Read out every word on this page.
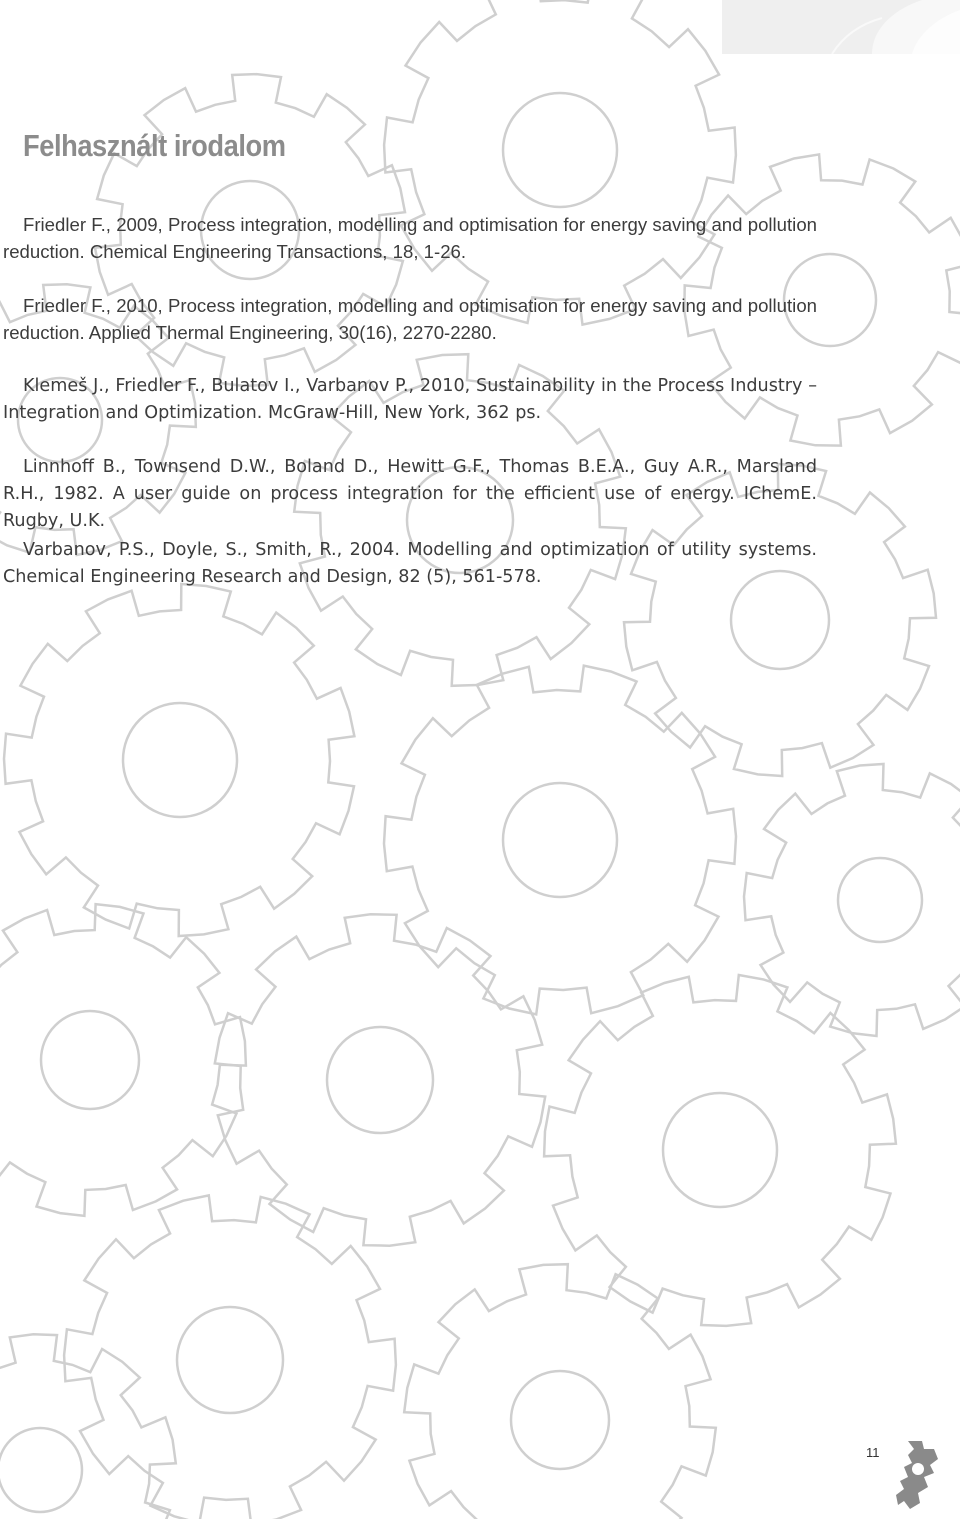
Felhasznált irodalom

Friedler F., 2009, Process integration, modelling and optimisation for energy saving and pollution reduction. Chemical Engineering Transactions, 18, 1-26.

Friedler F., 2010, Process integration, modelling and optimisation for energy saving and pollution reduction. Applied Thermal Engineering, 30(16), 2270-2280.

Klemeš J., Friedler F., Bulatov I., Varbanov P., 2010, Sustainability in the Process Industry – Integration and Optimization. McGraw-Hill, New York, 362 ps.

Linnhoff B., Townsend D.W., Boland D., Hewitt G.F., Thomas B.E.A., Guy A.R., Marsland R.H., 1982. A user guide on process integration for the efficient use of energy. IChemE. Rugby, U.K.

Varbanov, P.S., Doyle, S., Smith, R., 2004. Modelling and optimization of utility systems. Chemical Engineering Research and Design, 82 (5), 561-578.

11
